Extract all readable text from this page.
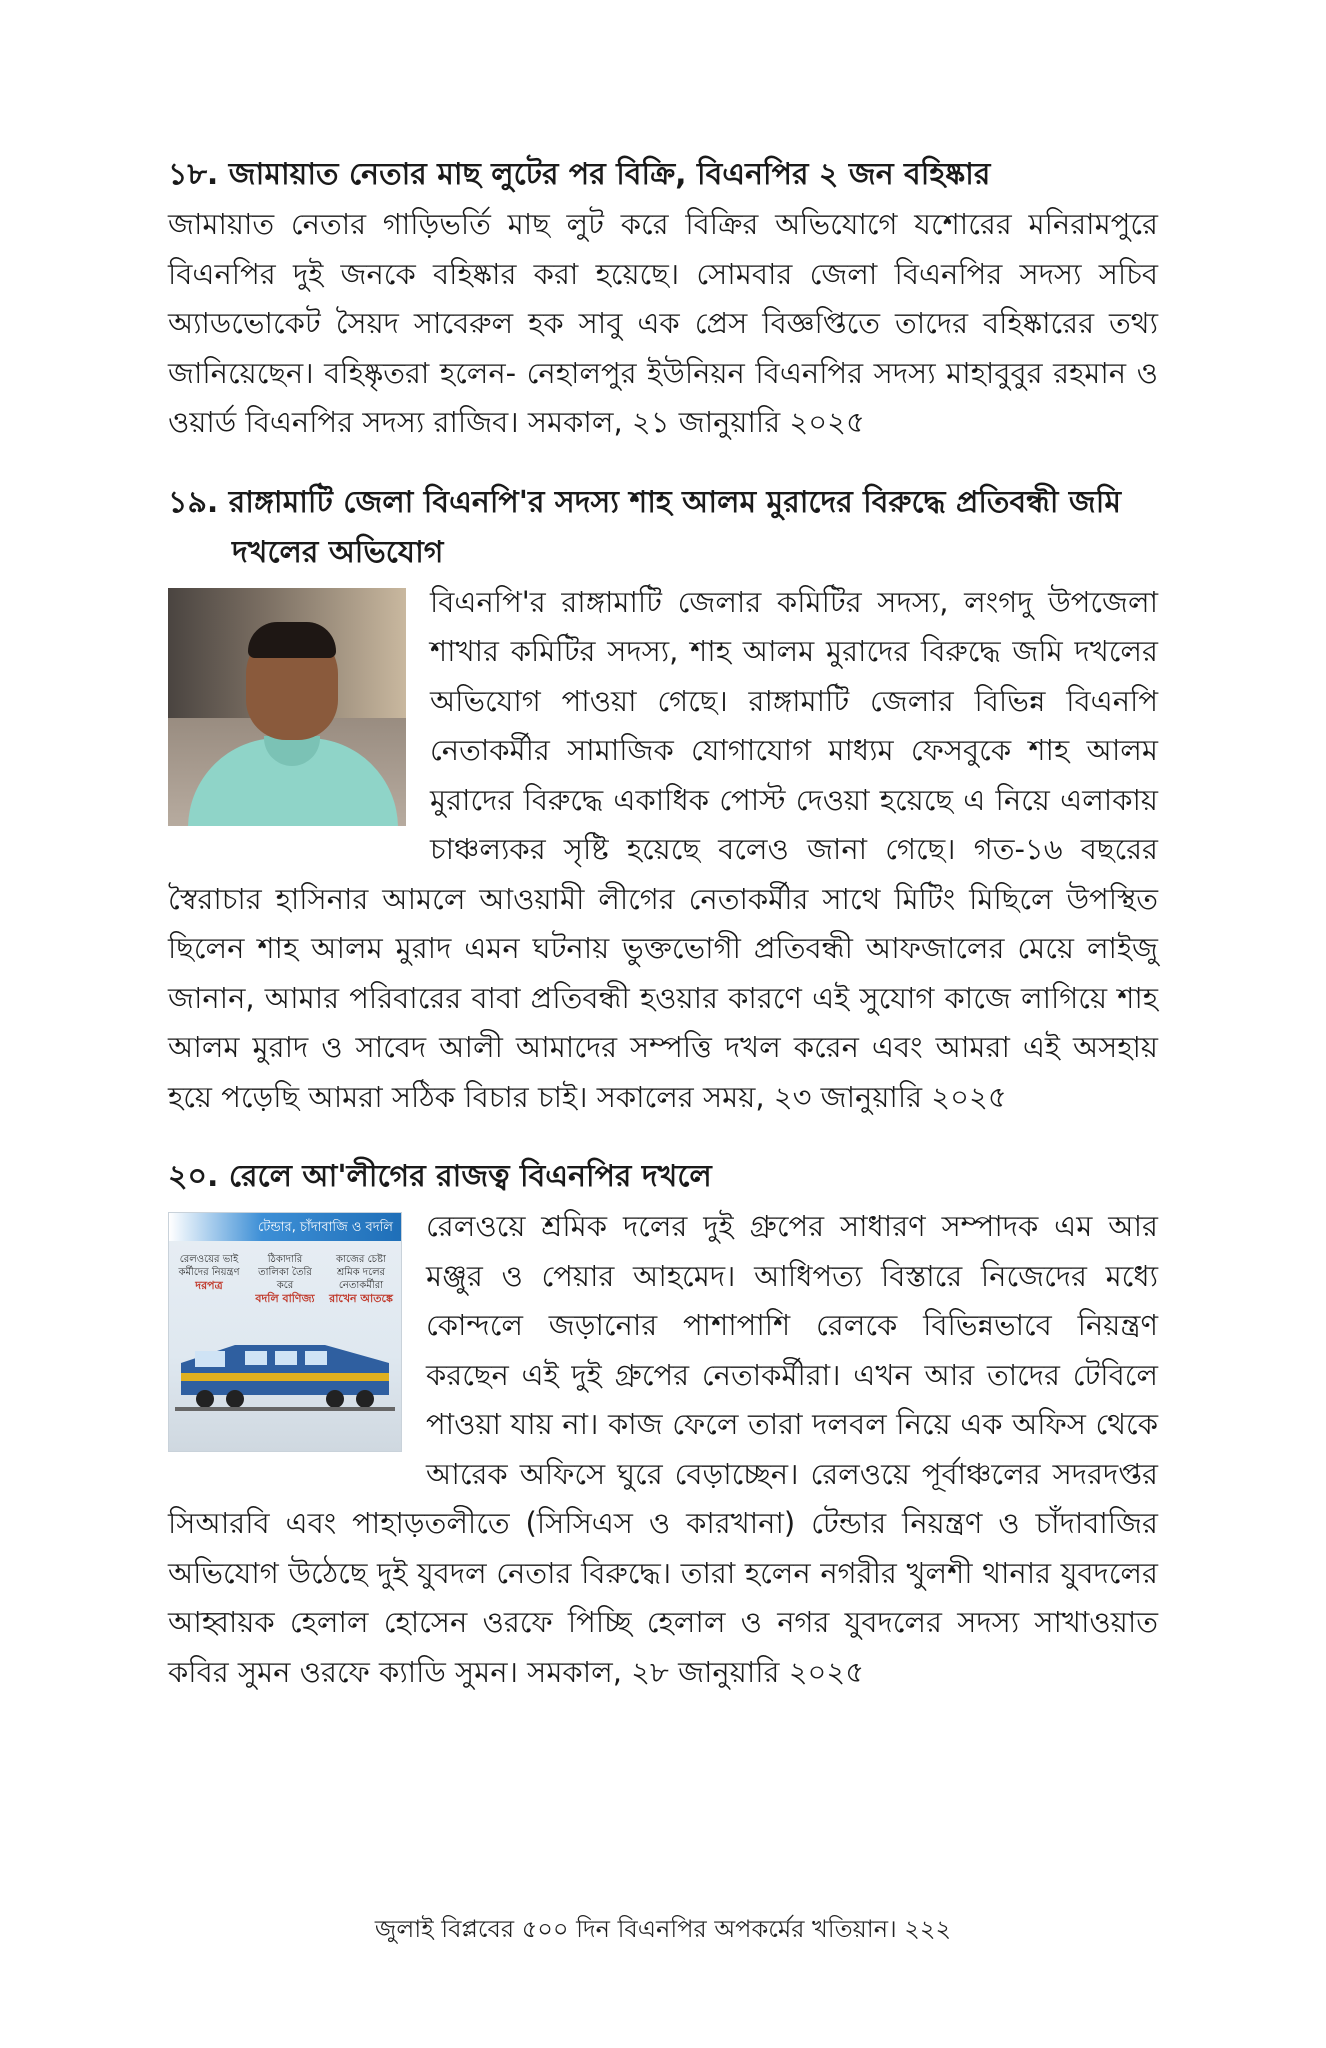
১৮. জামায়াত নেতার মাছ লুটের পর বিক্রি, বিএনপির ২ জন বহিষ্কার

জামায়াত নেতার গাড়িভর্তি মাছ লুট করে বিক্রির অভিযোগে যশোরের মনিরামপুরে বিএনপির দুই জনকে বহিষ্কার করা হয়েছে। সোমবার জেলা বিএনপির সদস্য সচিব অ্যাডভোকেট সৈয়দ সাবেরুল হক সাবু এক প্রেস বিজ্ঞপ্তিতে তাদের বহিষ্কারের তথ্য জানিয়েছেন। বহিষ্কৃতরা হলেন- নেহালপুর ইউনিয়ন বিএনপির সদস্য মাহাবুবুর রহমান ও ওয়ার্ড বিএনপির সদস্য রাজিব। সমকাল, ২১ জানুয়ারি ২০২৫

১৯. রাঙ্গামাটি জেলা বিএনপি'র সদস্য শাহ আলম মুরাদের বিরুদ্ধে প্রতিবন্ধী জমি দখলের অভিযোগ

বিএনপি'র রাঙ্গামাটি জেলার কমিটির সদস্য, লংগদু উপজেলা শাখার কমিটির সদস্য, শাহ আলম মুরাদের বিরুদ্ধে জমি দখলের অভিযোগ পাওয়া গেছে। রাঙ্গামাটি জেলার বিভিন্ন বিএনপি নেতাকর্মীর সামাজিক যোগাযোগ মাধ্যম ফেসবুকে শাহ আলম মুরাদের বিরুদ্ধে একাধিক পোস্ট দেওয়া হয়েছে এ নিয়ে এলাকায় চাঞ্চল্যকর সৃষ্টি হয়েছে বলেও জানা গেছে। গত-১৬ বছরের স্বৈরাচার হাসিনার আমলে আওয়ামী লীগের নেতাকর্মীর সাথে মিটিং মিছিলে উপস্থিত ছিলেন শাহ আলম মুরাদ এমন ঘটনায় ভুক্তভোগী প্রতিবন্ধী আফজালের মেয়ে লাইজু জানান, আমার পরিবারের বাবা প্রতিবন্ধী হওয়ার কারণে এই সুযোগ কাজে লাগিয়ে শাহ আলম মুরাদ ও সাবেদ আলী আমাদের সম্পত্তি দখল করেন এবং আমরা এই অসহায় হয়ে পড়েছি আমরা সঠিক বিচার চাই। সকালের সময়, ২৩ জানুয়ারি ২০২৫

২০. রেলে আ'লীগের রাজত্ব বিএনপির দখলে
টেন্ডার, চাঁদাবাজি ও বদলি
রেলওয়ের ভাই কর্মীদের নিয়ন্ত্রণ
দরপত্র
ঠিকাদারি তালিকা তৈরি করে
বদলি বাণিজ্য
কাজের চেষ্টা শ্রমিক দলের নেতাকর্মীরা
রাখেন আতঙ্কে

রেলওয়ে শ্রমিক দলের দুই গ্রুপের সাধারণ সম্পাদক এম আর মঞ্জুর ও পেয়ার আহমেদ। আধিপত্য বিস্তারে নিজেদের মধ্যে কোন্দলে জড়ানোর পাশাপাশি রেলকে বিভিন্নভাবে নিয়ন্ত্রণ করছেন এই দুই গ্রুপের নেতাকর্মীরা। এখন আর তাদের টেবিলে পাওয়া যায় না। কাজ ফেলে তারা দলবল নিয়ে এক অফিস থেকে আরেক অফিসে ঘুরে বেড়াচ্ছেন। রেলওয়ে পূর্বাঞ্চলের সদরদপ্তর সিআরবি এবং পাহাড়তলীতে (সিসিএস ও কারখানা) টেন্ডার নিয়ন্ত্রণ ও চাঁদাবাজির অভিযোগ উঠেছে দুই যুবদল নেতার বিরুদ্ধে। তারা হলেন নগরীর খুলশী থানার যুবদলের আহ্বায়ক হেলাল হোসেন ওরফে পিচ্ছি হেলাল ও নগর যুবদলের সদস্য সাখাওয়াত কবির সুমন ওরফে ক্যাডি সুমন। সমকাল, ২৮ জানুয়ারি ২০২৫

জুলাই বিপ্লবের ৫০০ দিন বিএনপির অপকর্মের খতিয়ান। ২২২
